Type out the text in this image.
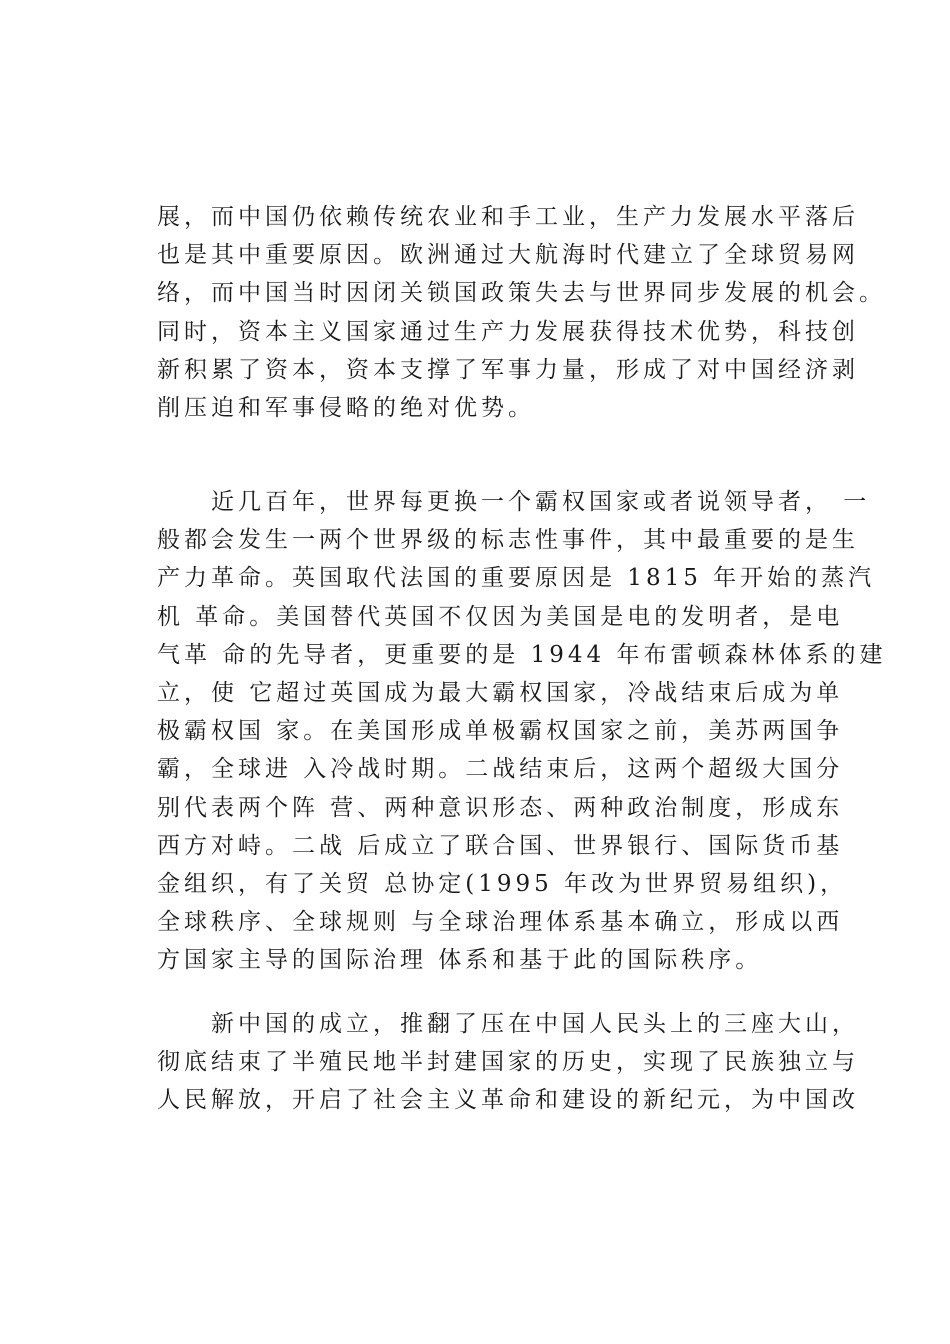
展，而中国仍依赖传统农业和手工业，生产力发展水平落后
也是其中重要原因。欧洲通过大航海时代建立了全球贸易网
络，而中国当时因闭关锁国政策失去与世界同步发展的机会。
同时，资本主义国家通过生产力发展获得技术优势，科技创
新积累了资本，资本支撑了军事力量，形成了对中国经济剥
削压迫和军事侵略的绝对优势。
　　近几百年，世界每更换一个霸权国家或者说领导者， 一
般都会发生一两个世界级的标志性事件，其中最重要的是生
产力革命。英国取代法国的重要原因是 1815 年开始的蒸汽
机 革命。美国替代英国不仅因为美国是电的发明者，是电
气革 命的先导者，更重要的是 1944 年布雷顿森林体系的建
立，使 它超过英国成为最大霸权国家，冷战结束后成为单
极霸权国 家。在美国形成单极霸权国家之前，美苏两国争
霸，全球进 入冷战时期。二战结束后，这两个超级大国分
别代表两个阵 营、两种意识形态、两种政治制度，形成东
西方对峙。二战 后成立了联合国、世界银行、国际货币基
金组织，有了关贸 总协定(1995 年改为世界贸易组织)，
全球秩序、全球规则 与全球治理体系基本确立，形成以西
方国家主导的国际治理 体系和基于此的国际秩序。
　　新中国的成立，推翻了压在中国人民头上的三座大山，
彻底结束了半殖民地半封建国家的历史，实现了民族独立与
人民解放，开启了社会主义革命和建设的新纪元，为中国改
